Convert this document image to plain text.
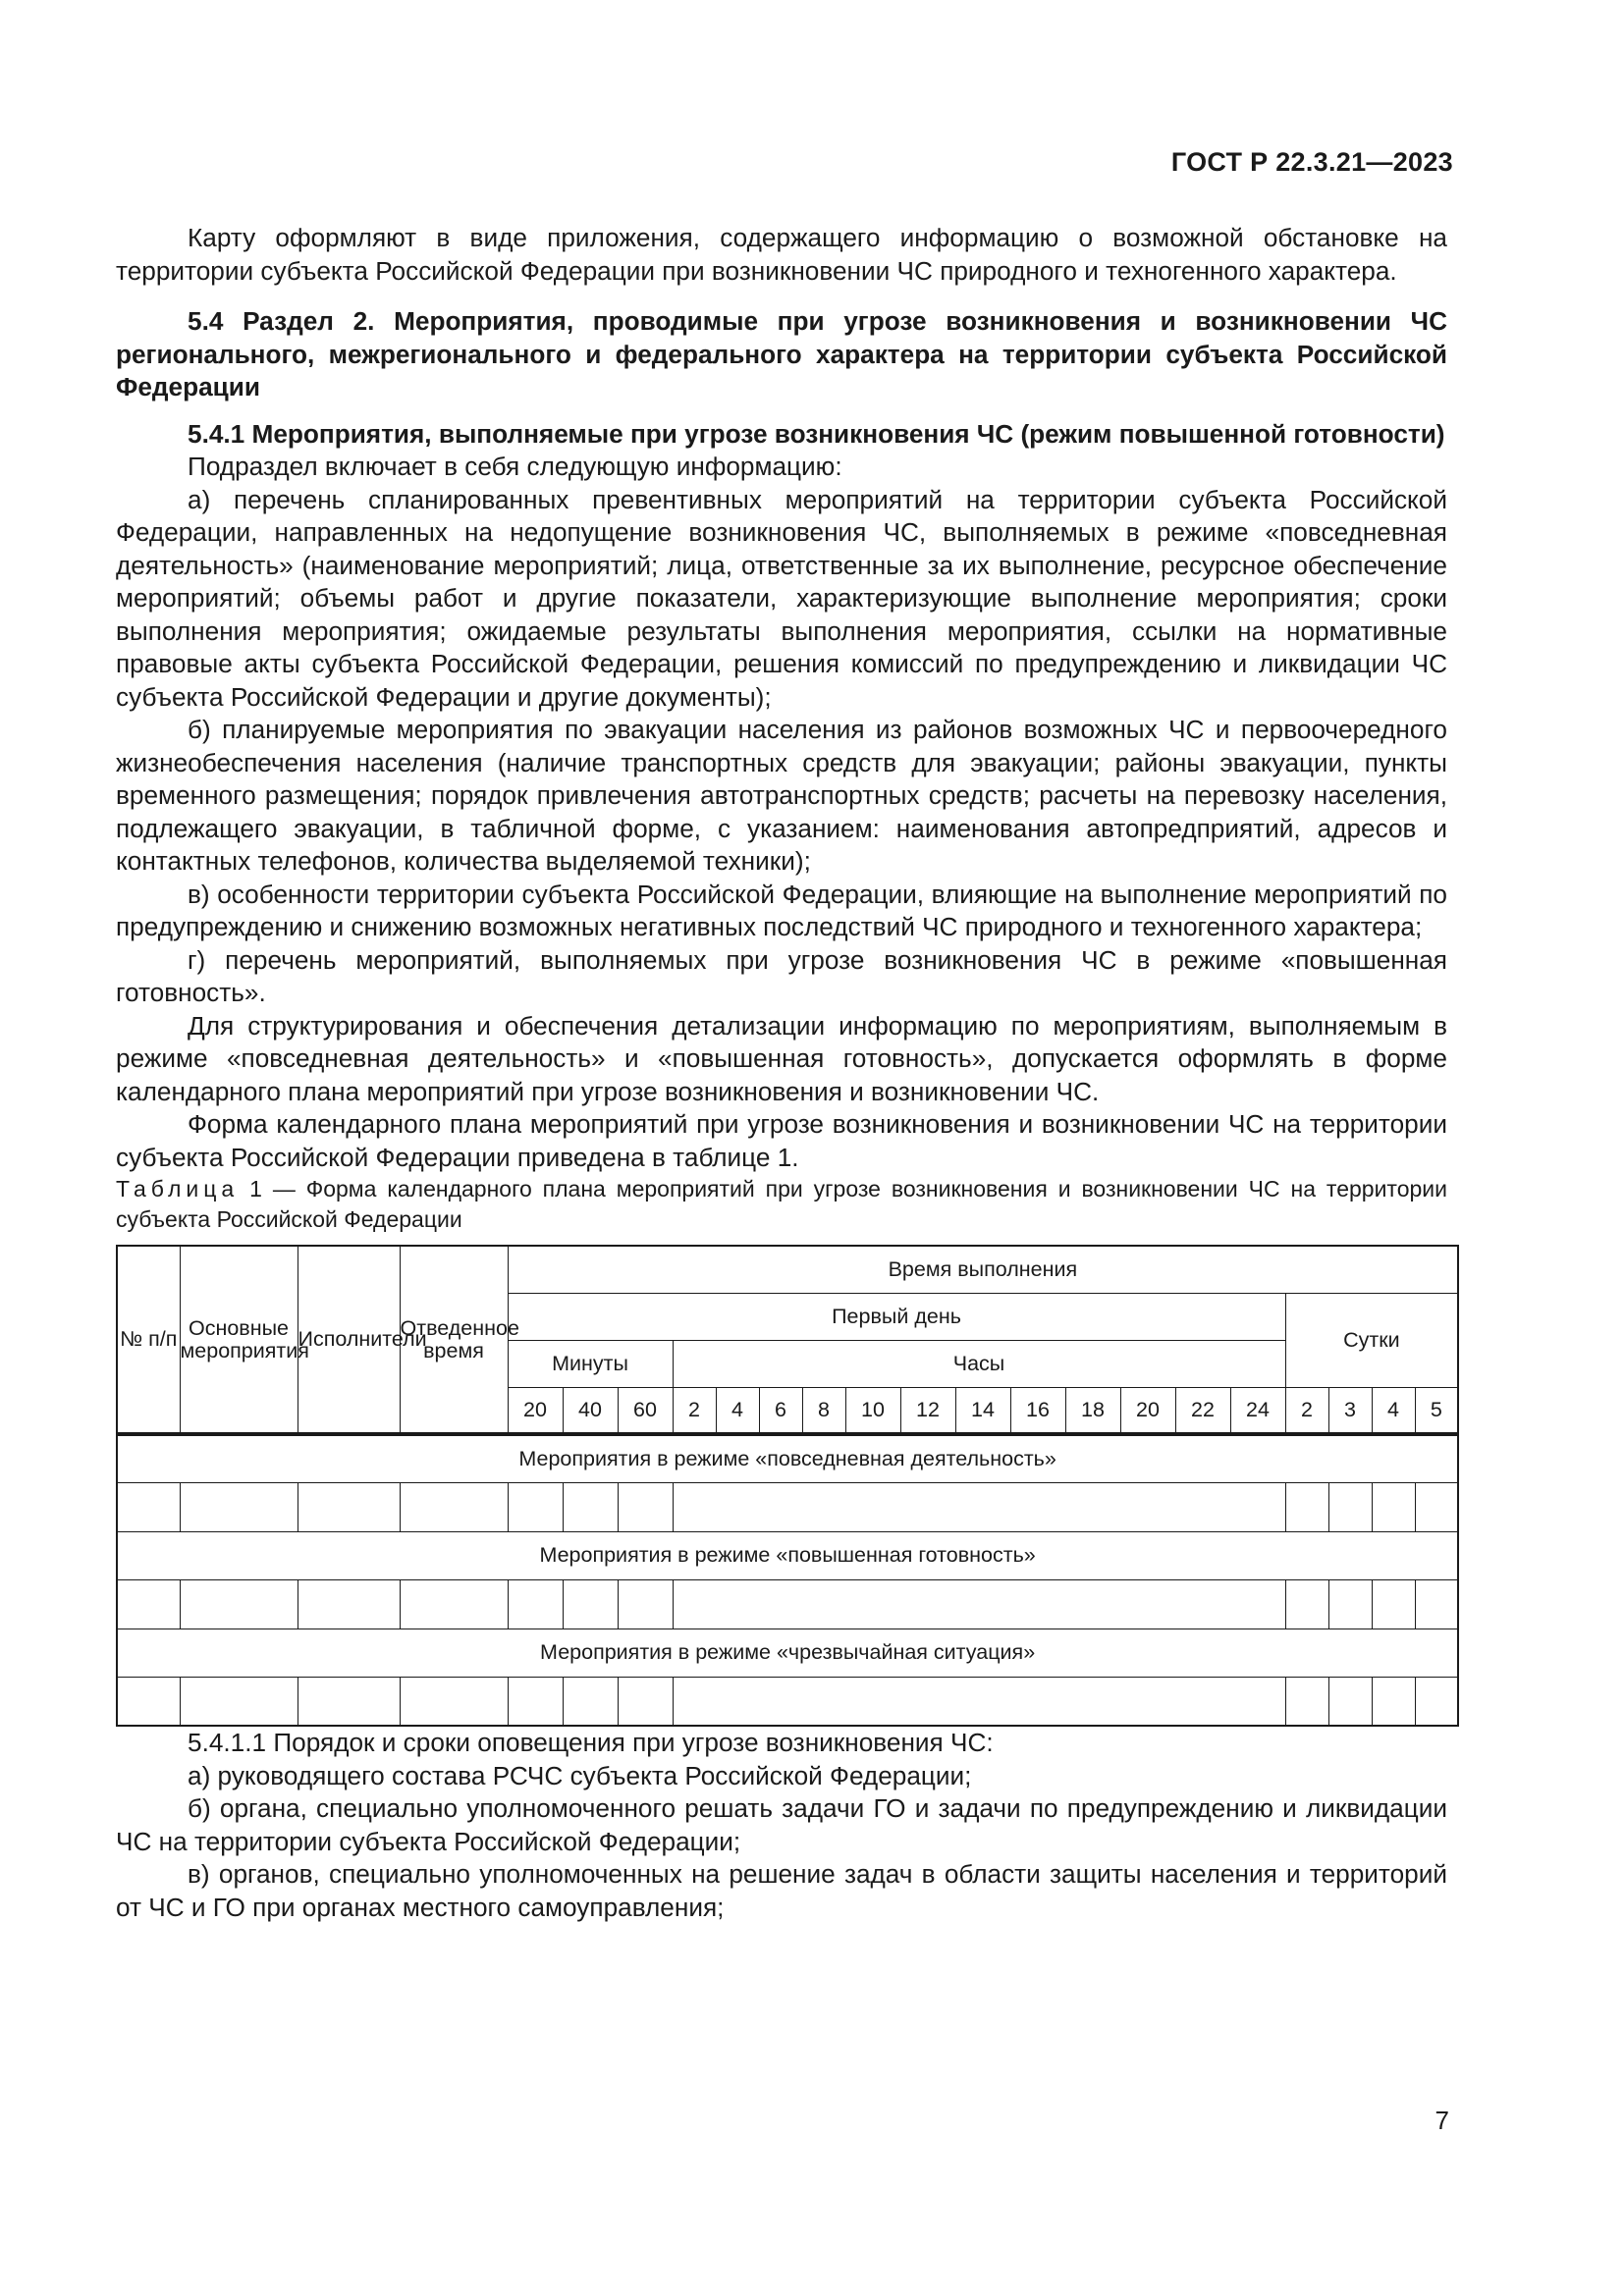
ГОСТ Р 22.3.21—2023

Карту оформляют в виде приложения, содержащего информацию о возможной обстановке на территории субъекта Российской Федерации при возникновении ЧС природного и техногенного характера.

5.4 Раздел 2. Мероприятия, проводимые при угрозе возникновения и возникновении ЧС регионального, межрегионального и федерального характера на территории субъекта Российской Федерации

5.4.1 Мероприятия, выполняемые при угрозе возникновения ЧС (режим повышенной готовности)

Подраздел включает в себя следующую информацию:

а) перечень спланированных превентивных мероприятий на территории субъекта Российской Федерации, направленных на недопущение возникновения ЧС, выполняемых в режиме «повседневная деятельность» (наименование мероприятий; лица, ответственные за их выполнение, ресурсное обеспечение мероприятий; объемы работ и другие показатели, характеризующие выполнение мероприятия; сроки выполнения мероприятия; ожидаемые результаты выполнения мероприятия, ссылки на нормативные правовые акты субъекта Российской Федерации, решения комиссий по предупреждению и ликвидации ЧС субъекта Российской Федерации и другие документы);

б) планируемые мероприятия по эвакуации населения из районов возможных ЧС и первоочередного жизнеобеспечения населения (наличие транспортных средств для эвакуации; районы эвакуации, пункты временного размещения; порядок привлечения автотранспортных средств; расчеты на перевозку населения, подлежащего эвакуации, в табличной форме, с указанием: наименования автопредприятий, адресов и контактных телефонов, количества выделяемой техники);

в) особенности территории субъекта Российской Федерации, влияющие на выполнение мероприятий по предупреждению и снижению возможных негативных последствий ЧС природного и техногенного характера;

г) перечень мероприятий, выполняемых при угрозе возникновения ЧС в режиме «повышенная готовность».

Для структурирования и обеспечения детализации информацию по мероприятиям, выполняемым в режиме «повседневная деятельность» и «повышенная готовность», допускается оформлять в форме календарного плана мероприятий при угрозе возникновения и возникновении ЧС.

Форма календарного плана мероприятий при угрозе возникновения и возникновении ЧС на территории субъекта Российской Федерации приведена в таблице 1.

Таблица 1 — Форма календарного плана мероприятий при угрозе возникновения и возникновении ЧС на территории субъекта Российской Федерации

№ п/п	Основные мероприятия	Исполнители	Отведенное время	Время выполнения																		
				Первый день															Сутки			
				Минуты			Часы															
				20	40	60	2	4	6	8	10	12	14	16	18	20	22	24	2	3	4	5
Мероприятия в режиме «повседневная деятельность»																						

Мероприятия в режиме «повышенная готовность»																						

Мероприятия в режиме «чрезвычайная ситуация»																						

5.4.1.1 Порядок и сроки оповещения при угрозе возникновения ЧС:

а) руководящего состава РСЧС субъекта Российской Федерации;

б) органа, специально уполномоченного решать задачи ГО и задачи по предупреждению и ликвидации ЧС на территории субъекта Российской Федерации;

в) органов, специально уполномоченных на решение задач в области защиты населения и территорий от ЧС и ГО при органах местного самоуправления;

7
